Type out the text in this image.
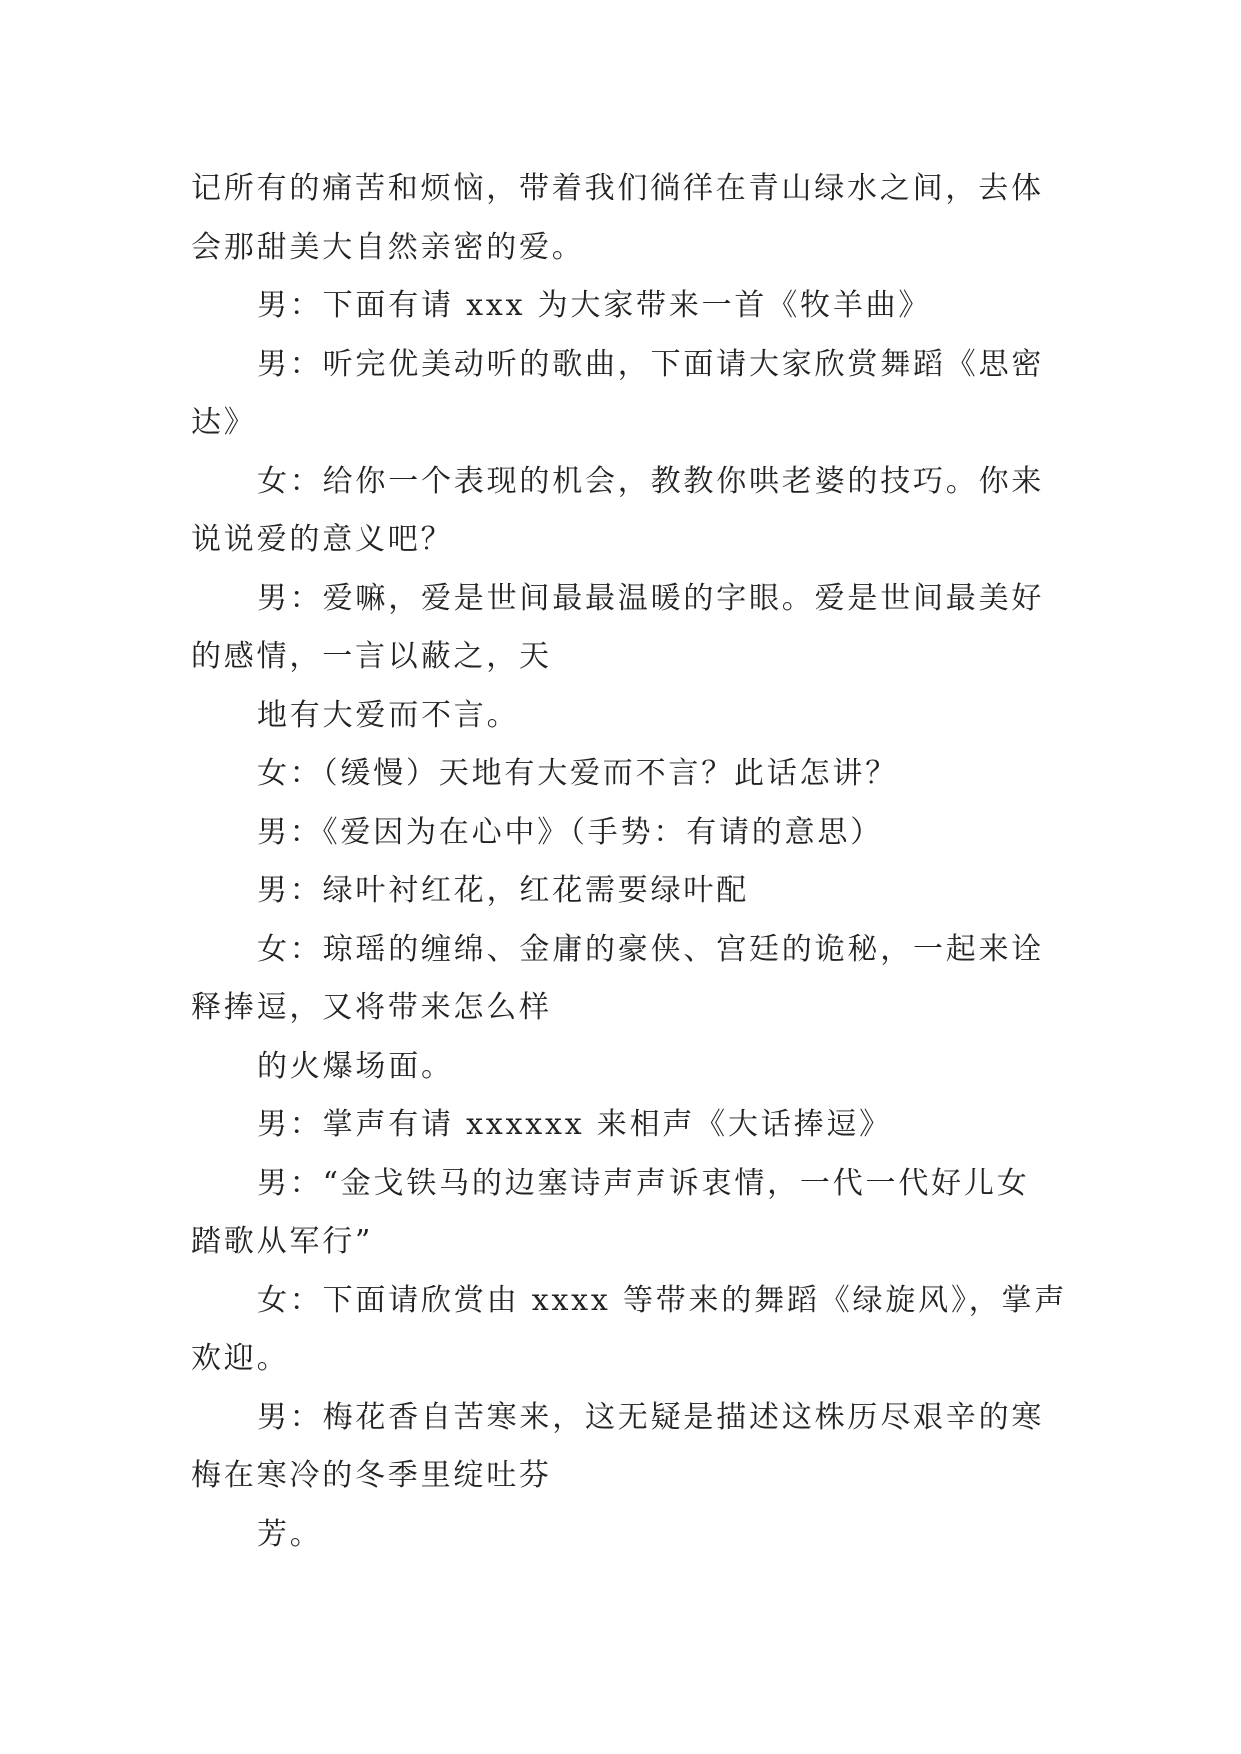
记所有的痛苦和烦恼，带着我们徜徉在青山绿水之间，去体
会那甜美大自然亲密的爱。
男：下面有请 xxx 为大家带来一首《牧羊曲》
男：听完优美动听的歌曲，下面请大家欣赏舞蹈《思密
达》
女：给你一个表现的机会，教教你哄老婆的技巧。你来
说说爱的意义吧？
男：爱嘛，爱是世间最最温暖的字眼。爱是世间最美好
的感情，一言以蔽之，天
地有大爱而不言。
女：（缓慢）天地有大爱而不言？此话怎讲？
男：《爱因为在心中》（手势：有请的意思）
男：绿叶衬红花，红花需要绿叶配
女：琼瑶的缠绵、金庸的豪侠、宫廷的诡秘，一起来诠
释捧逗，又将带来怎么样
的火爆场面。
男：掌声有请 xxxxxx 来相声《大话捧逗》
男：“金戈铁马的边塞诗声声诉衷情，一代一代好儿女
踏歌从军行”
女：下面请欣赏由 xxxx 等带来的舞蹈《绿旋风》，掌声
欢迎。
男：梅花香自苦寒来，这无疑是描述这株历尽艰辛的寒
梅在寒冷的冬季里绽吐芬
芳。
